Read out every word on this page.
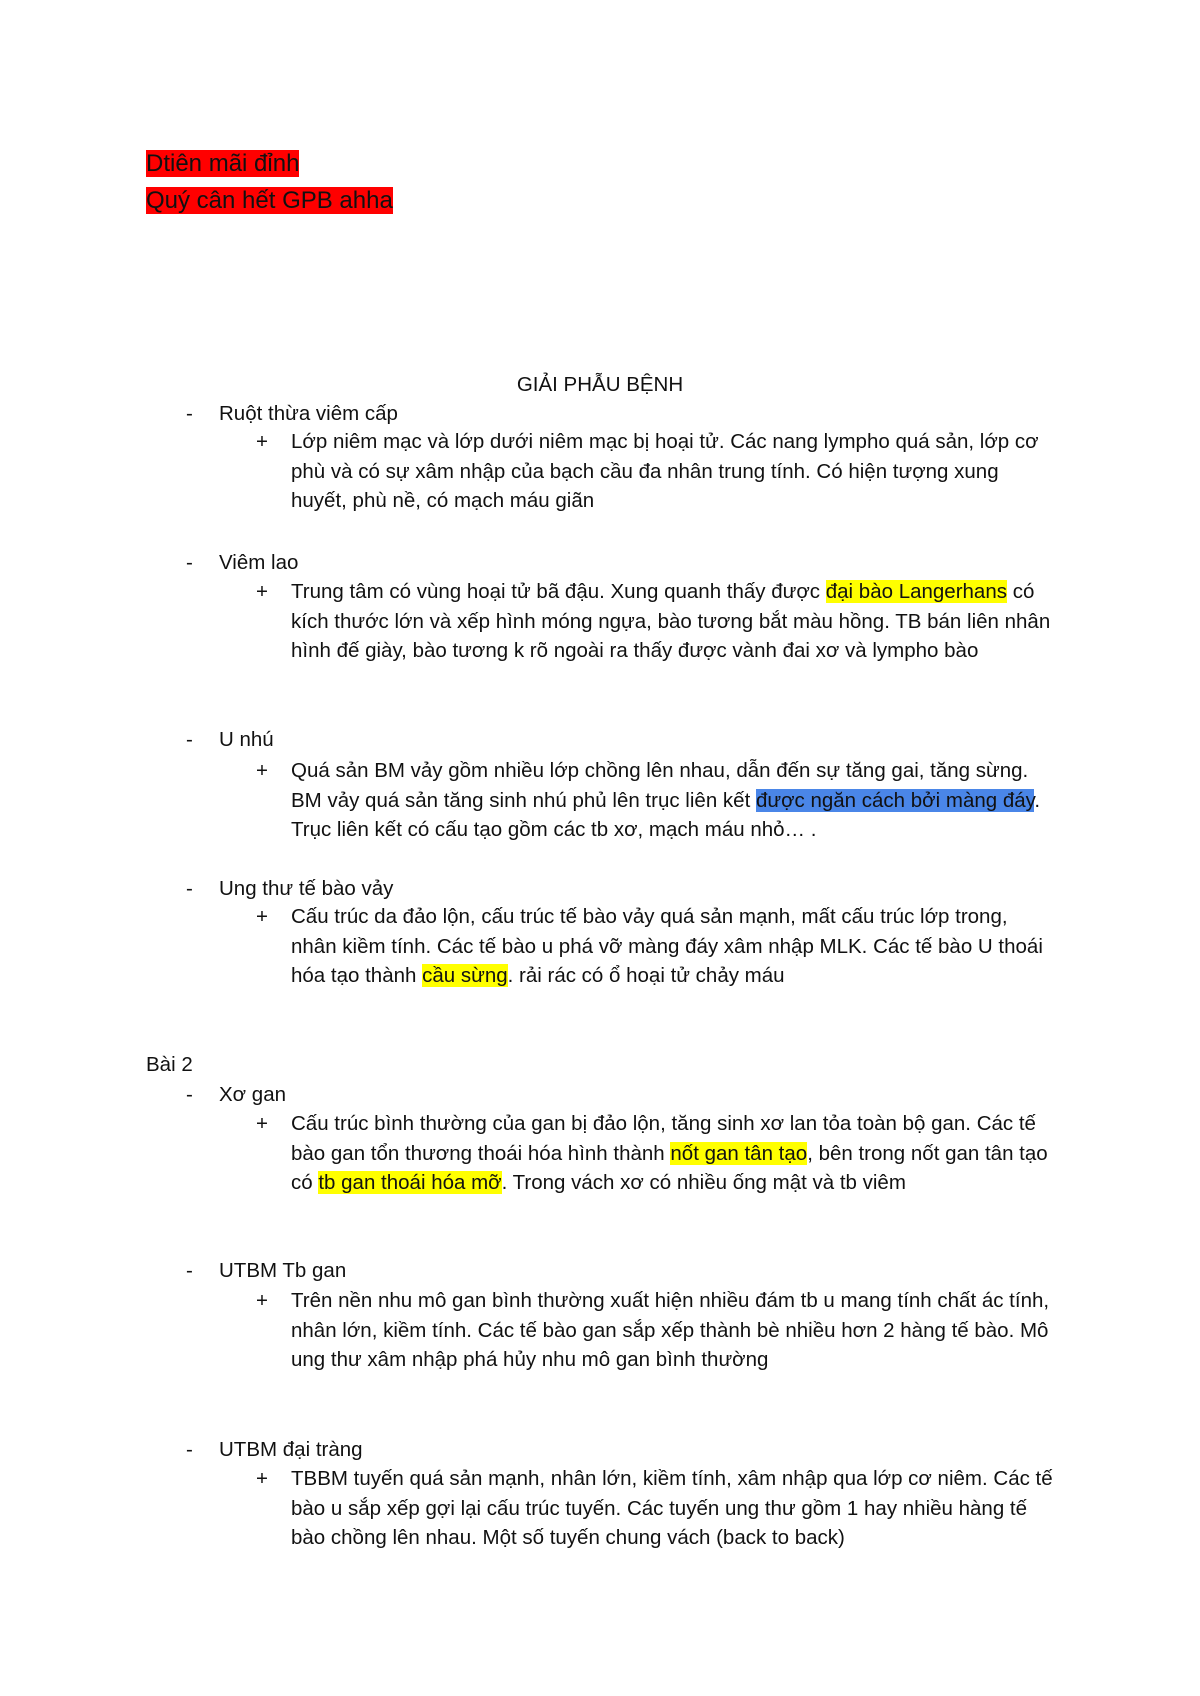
Dtiên mãi đỉnh
Quý cân hết GPB ahha
GIẢI PHẪU BỆNH
- Ruột thừa viêm cấp
+ Lớp niêm mạc và lớp dưới niêm mạc bị hoại tử. Các nang lympho quá sản, lớp cơ phù và có sự xâm nhập của bạch cầu đa nhân trung tính. Có hiện tượng xung huyết, phù nề, có mạch máu giãn
- Viêm lao
+ Trung tâm có vùng hoại tử bã đậu. Xung quanh thấy được đại bào Langerhans có kích thước lớn và xếp hình móng ngựa, bào tương bắt màu hồng. TB bán liên nhân hình đế giày, bào tương k rõ ngoài ra thấy được vành đai xơ và lympho bào
- U nhú
+ Quá sản BM vảy gồm nhiều lớp chồng lên nhau, dẫn đến sự tăng gai, tăng sừng. BM vảy quá sản tăng sinh nhú phủ lên trục liên kết được ngăn cách bởi màng đáy. Trục liên kết có cấu tạo gồm các tb xơ, mạch máu nhỏ… .
- Ung thư tế bào vảy
+ Cấu trúc da đảo lộn, cấu trúc tế bào vảy quá sản mạnh, mất cấu trúc lớp trong, nhân kiềm tính. Các tế bào u phá vỡ màng đáy xâm nhập MLK. Các tế bào U thoái hóa tạo thành cầu sừng. rải rác có ổ hoại tử chảy máu
Bài 2
- Xơ gan
+ Cấu trúc bình thường của gan bị đảo lộn, tăng sinh xơ lan tỏa toàn bộ gan. Các tế bào gan tổn thương thoái hóa hình thành nốt gan tân tạo, bên trong nốt gan tân tạo có tb gan thoái hóa mỡ. Trong vách xơ có nhiều ống mật và tb viêm
- UTBM Tb gan
+ Trên nền nhu mô gan bình thường xuất hiện nhiều đám tb u mang tính chất ác tính, nhân lớn, kiềm tính. Các tế bào gan sắp xếp thành bè nhiều hơn 2 hàng tế bào. Mô ung thư xâm nhập phá hủy nhu mô gan bình thường
- UTBM đại tràng
+ TBBM tuyến quá sản mạnh, nhân lớn, kiềm tính, xâm nhập qua lớp cơ niêm. Các tế bào u sắp xếp gợi lại cấu trúc tuyến. Các tuyến ung thư gồm 1 hay nhiều hàng tế bào chồng lên nhau. Một số tuyến chung vách (back to back)
